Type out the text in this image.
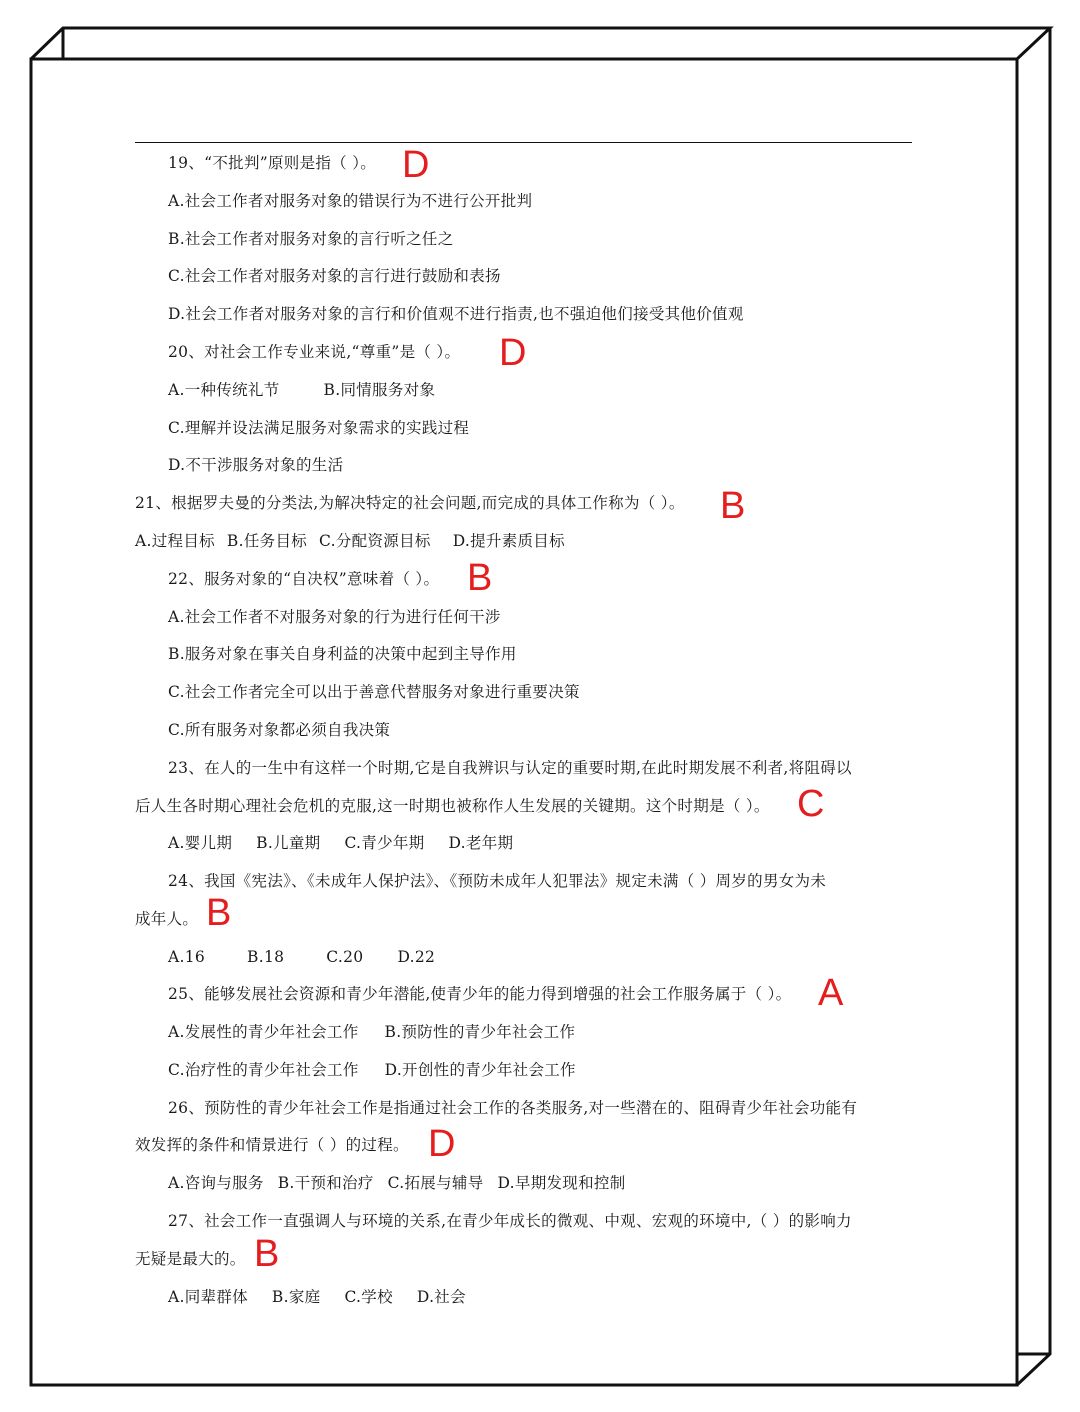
19、“不批判”原则是指（ ）。 D
A.社会工作者对服务对象的错误行为不进行公开批判
B.社会工作者对服务对象的言行听之任之
C.社会工作者对服务对象的言行进行鼓励和表扬
D.社会工作者对服务对象的言行和价值观不进行指责,也不强迫他们接受其他价值观
20、对社会工作专业来说,“尊重”是（ ）。 D
A.一种传统礼节	B.同情服务对象
C.理解并设法满足服务对象需求的实践过程
D.不干涉服务对象的生活
21、根据罗夫曼的分类法,为解决特定的社会问题,而完成的具体工作称为（ ）。 B
A.过程目标 B.任务目标 C.分配资源目标 D.提升素质目标
22、服务对象的“自决权”意味着（ ）。 B
A.社会工作者不对服务对象的行为进行任何干涉
B.服务对象在事关自身利益的决策中起到主导作用
C.社会工作者完全可以出于善意代替服务对象进行重要决策
C.所有服务对象都必须自我决策
23、在人的一生中有这样一个时期,它是自我辨识与认定的重要时期,在此时期发展不利者,将阻碍以
后人生各时期心理社会危机的克服,这一时期也被称作人生发展的关键期。这个时期是（ ）。 C
A.婴儿期 B.儿童期 C.青少年期 D.老年期
24、我国《宪法》、《未成年人保护法》、《预防未成年人犯罪法》规定未满（ ）周岁的男女为未
成年人。 B
A.16	B.18	C.20 D.22
25、能够发展社会资源和青少年潜能,使青少年的能力得到增强的社会工作服务属于（ ）。 A
A.发展性的青少年社会工作 B.预防性的青少年社会工作
C.治疗性的青少年社会工作 D.开创性的青少年社会工作
26、预防性的青少年社会工作是指通过社会工作的各类服务,对一些潜在的、阻碍青少年社会功能有
效发挥的条件和情景进行（ ）的过程。 D
A.咨询与服务 B.干预和治疗 C.拓展与辅导 D.早期发现和控制
27、社会工作一直强调人与环境的关系,在青少年成长的微观、中观、宏观的环境中,（ ）的影响力
无疑是最大的。 B
A.同辈群体 B.家庭 C.学校 D.社会
